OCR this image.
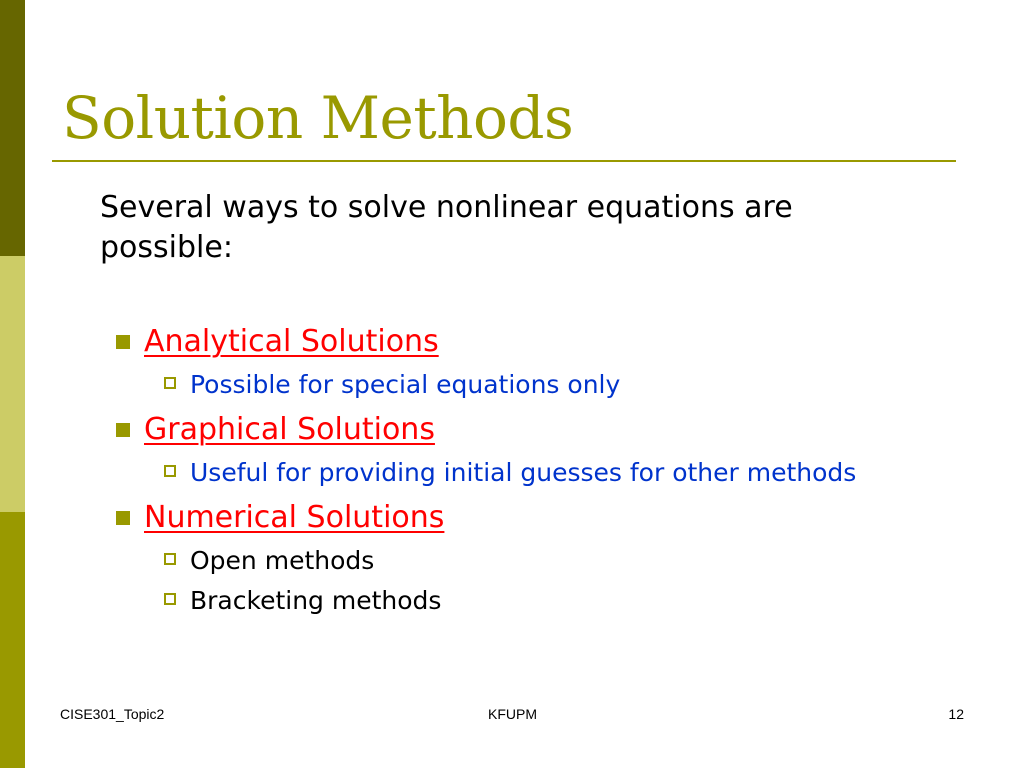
Solution Methods

Several ways to solve nonlinear equations are possible:

Analytical Solutions
Possible for special equations only
Graphical Solutions
Useful for providing initial guesses for other methods
Numerical Solutions
Open methods
Bracketing methods
CISE301_Topic2	KFUPM	12
